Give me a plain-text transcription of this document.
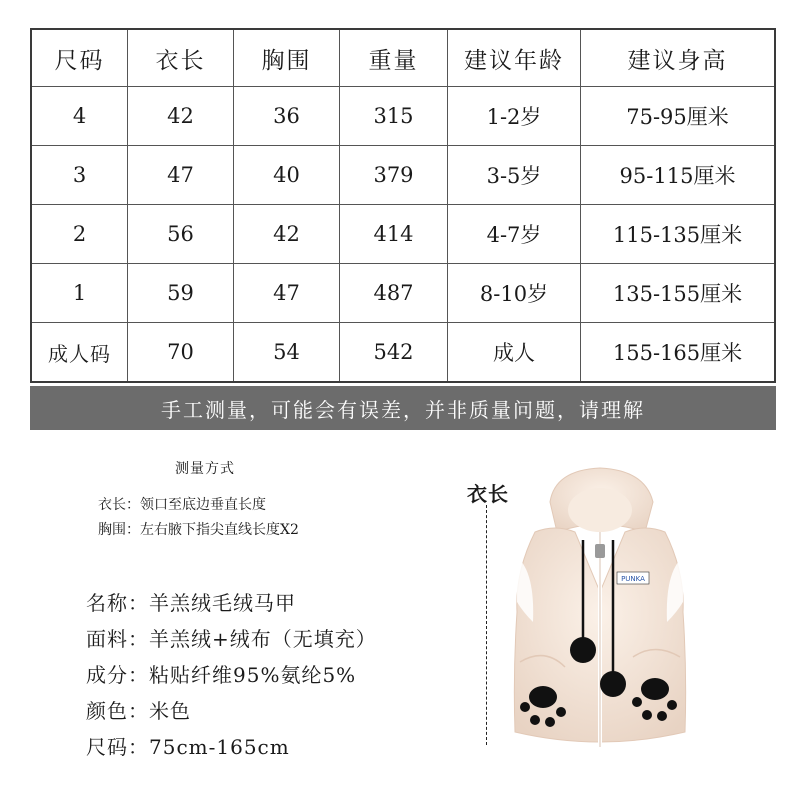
尺码	衣长	胸围	重量	建议年龄	建议身高
4	42	36	315	1-2岁	75-95厘米
3	47	40	379	3-5岁	95-115厘米
2	56	42	414	4-7岁	115-135厘米
1	59	47	487	8-10岁	135-155厘米
成人码	70	54	542	成人	155-165厘米
手工测量，可能会有误差，并非质量问题，请理解
测量方式
衣长：领口至底边垂直长度
胸围：左右腋下指尖直线长度X2
名称：羊羔绒毛绒马甲
面料：羊羔绒+绒布（无填充）
成分：粘贴纤维95%氨纶5%
颜色：米色
尺码：75cm-165cm
衣长
PUNKA
